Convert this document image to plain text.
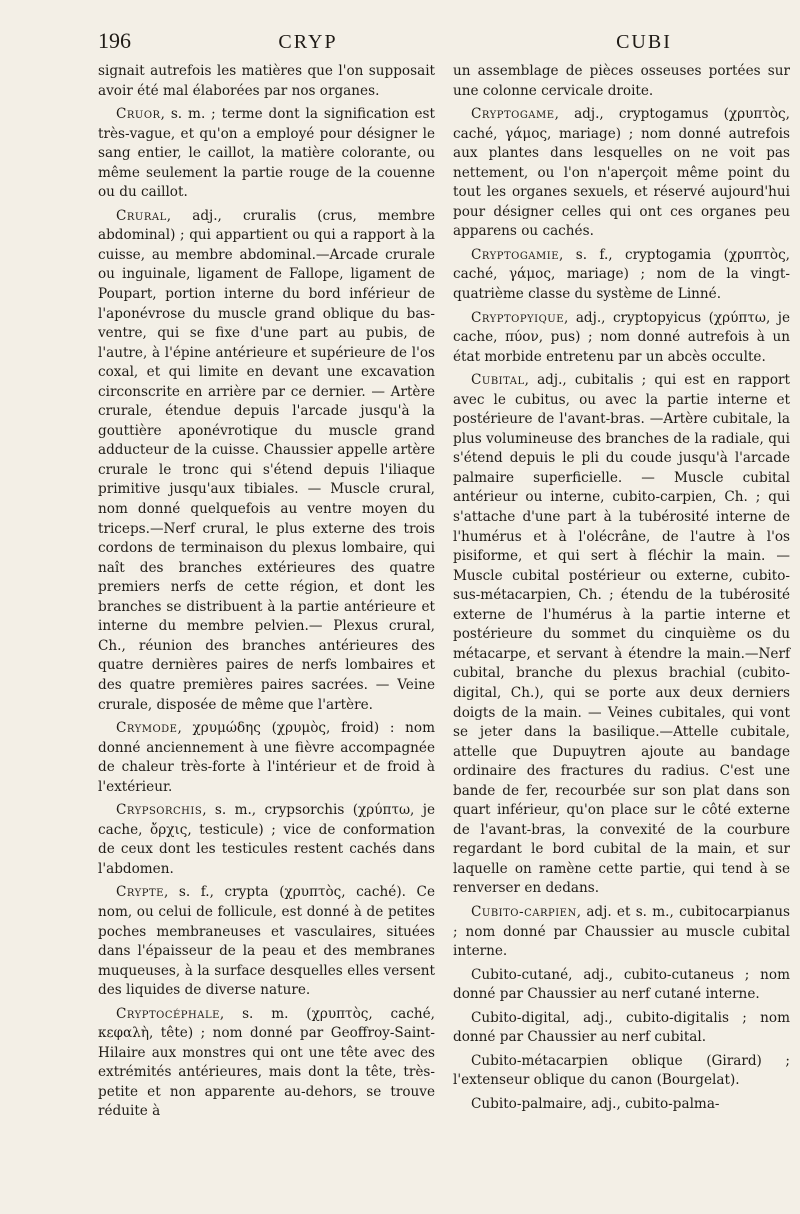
196	CRYP	CUBI

signait autrefois les matières que l'on supposait avoir été mal élaborées par nos organes.

Cruor, s. m. ; terme dont la signification est très-vague, et qu'on a employé pour désigner le sang entier, le caillot, la matière colorante, ou même seulement la partie rouge de la couenne ou du caillot.

Crural, adj., cruralis (crus, membre abdominal) ; qui appartient ou qui a rapport à la cuisse, au membre abdominal.—Arcade crurale ou inguinale, ligament de Fallope, ligament de Poupart, portion interne du bord inférieur de l'aponévrose du muscle grand oblique du bas-ventre, qui se fixe d'une part au pubis, de l'autre, à l'épine antérieure et supérieure de l'os coxal, et qui limite en devant une excavation circonscrite en arrière par ce dernier. — Artère crurale, étendue depuis l'arcade jusqu'à la gouttière aponévrotique du muscle grand adducteur de la cuisse. Chaussier appelle artère crurale le tronc qui s'étend depuis l'iliaque primitive jusqu'aux tibiales. — Muscle crural, nom donné quelquefois au ventre moyen du triceps.—Nerf crural, le plus externe des trois cordons de terminaison du plexus lombaire, qui naît des branches extérieures des quatre premiers nerfs de cette région, et dont les branches se distribuent à la partie antérieure et interne du membre pelvien.— Plexus crural, Ch., réunion des branches antérieures des quatre dernières paires de nerfs lombaires et des quatre premières paires sacrées. — Veine crurale, disposée de même que l'artère.

Crymode, χρυμώδης (χρυμὸς, froid) : nom donné anciennement à une fièvre accompagnée de chaleur très-forte à l'intérieur et de froid à l'extérieur.

Crypsorchis, s. m., crypsorchis (χρύπτω, je cache, ὄρχις, testicule) ; vice de conformation de ceux dont les testicules restent cachés dans l'abdomen.

Crypte, s. f., crypta (χρυπτὸς, caché). Ce nom, ou celui de follicule, est donné à de petites poches membraneuses et vasculaires, situées dans l'épaisseur de la peau et des membranes muqueuses, à la surface desquelles elles versent des liquides de diverse nature.

Cryptocéphale, s. m. (χρυπτὸς, caché, κεφαλὴ, tête) ; nom donné par Geoffroy-Saint-Hilaire aux monstres qui ont une tête avec des extrémités antérieures, mais dont la tête, très-petite et non apparente au-dehors, se trouve réduite à

un assemblage de pièces osseuses portées sur une colonne cervicale droite.

Cryptogame, adj., cryptogamus (χρυπτὸς, caché, γάμος, mariage) ; nom donné autrefois aux plantes dans lesquelles on ne voit pas nettement, ou l'on n'aperçoit même point du tout les organes sexuels, et réservé aujourd'hui pour désigner celles qui ont ces organes peu apparens ou cachés.

Cryptogamie, s. f., cryptogamia (χρυπτὸς, caché, γάμος, mariage) ; nom de la vingt-quatrième classe du système de Linné.

Cryptopyique, adj., cryptopyicus (χρύπτω, je cache, πύον, pus) ; nom donné autrefois à un état morbide entretenu par un abcès occulte.

Cubital, adj., cubitalis ; qui est en rapport avec le cubitus, ou avec la partie interne et postérieure de l'avant-bras. —Artère cubitale, la plus volumineuse des branches de la radiale, qui s'étend depuis le pli du coude jusqu'à l'arcade palmaire superficielle. — Muscle cubital antérieur ou interne, cubito-carpien, Ch. ; qui s'attache d'une part à la tubérosité interne de l'humérus et à l'olécrâne, de l'autre à l'os pisiforme, et qui sert à fléchir la main. — Muscle cubital postérieur ou externe, cubito-sus-métacarpien, Ch. ; étendu de la tubérosité externe de l'humérus à la partie interne et postérieure du sommet du cinquième os du métacarpe, et servant à étendre la main.—Nerf cubital, branche du plexus brachial (cubito-digital, Ch.), qui se porte aux deux derniers doigts de la main. — Veines cubitales, qui vont se jeter dans la basilique.—Attelle cubitale, attelle que Dupuytren ajoute au bandage ordinaire des fractures du radius. C'est une bande de fer, recourbée sur son plat dans son quart inférieur, qu'on place sur le côté externe de l'avant-bras, la convexité de la courbure regardant le bord cubital de la main, et sur laquelle on ramène cette partie, qui tend à se renverser en dedans.

Cubito-carpien, adj. et s. m., cubitocarpianus ; nom donné par Chaussier au muscle cubital interne.

Cubito-cutané, adj., cubito-cutaneus ; nom donné par Chaussier au nerf cutané interne.

Cubito-digital, adj., cubito-digitalis ; nom donné par Chaussier au nerf cubital.

Cubito-métacarpien oblique (Girard) ; l'extenseur oblique du canon (Bourgelat).

Cubito-palmaire, adj., cubito-palma-
